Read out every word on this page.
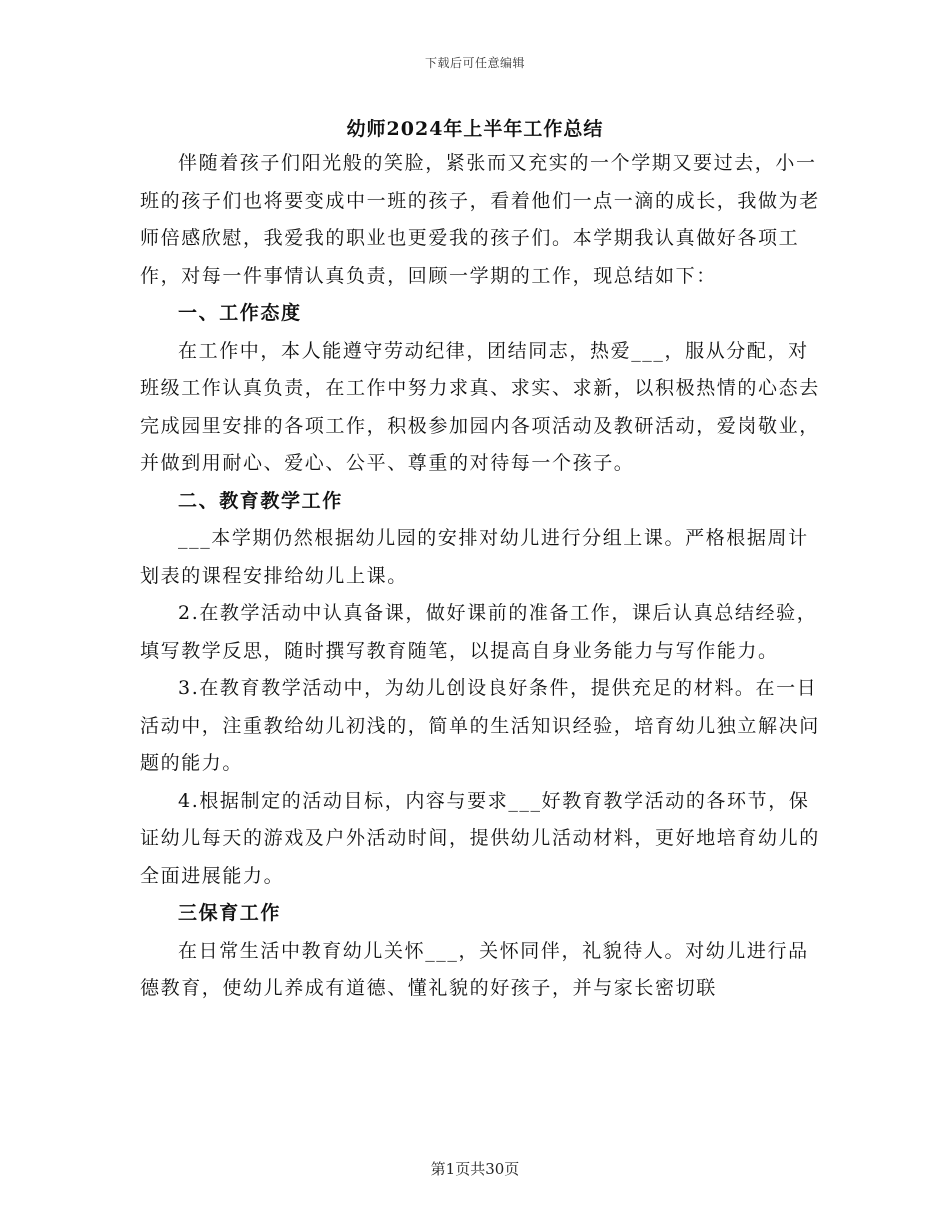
下载后可任意编辑
幼师2024年上半年工作总结

伴随着孩子们阳光般的笑脸，紧张而又充实的一个学期又要过去，小一班的孩子们也将要变成中一班的孩子，看着他们一点一滴的成长，我做为老师倍感欣慰，我爱我的职业也更爱我的孩子们。本学期我认真做好各项工作，对每一件事情认真负责，回顾一学期的工作，现总结如下：

一、工作态度

在工作中，本人能遵守劳动纪律，团结同志，热爱___，服从分配，对班级工作认真负责，在工作中努力求真、求实、求新，以积极热情的心态去完成园里安排的各项工作，积极参加园内各项活动及教研活动，爱岗敬业，并做到用耐心、爱心、公平、尊重的对待每一个孩子。

二、教育教学工作

___本学期仍然根据幼儿园的安排对幼儿进行分组上课。严格根据周计划表的课程安排给幼儿上课。

2.在教学活动中认真备课，做好课前的准备工作，课后认真总结经验，填写教学反思，随时撰写教育随笔，以提高自身业务能力与写作能力。

3.在教育教学活动中，为幼儿创设良好条件，提供充足的材料。在一日活动中，注重教给幼儿初浅的，简单的生活知识经验，培育幼儿独立解决问题的能力。

4.根据制定的活动目标，内容与要求___好教育教学活动的各环节，保证幼儿每天的游戏及户外活动时间，提供幼儿活动材料，更好地培育幼儿的全面进展能力。

三保育工作

在日常生活中教育幼儿关怀___，关怀同伴，礼貌待人。对幼儿进行品德教育，使幼儿养成有道德、懂礼貌的好孩子，并与家长密切联

第1页共30页
